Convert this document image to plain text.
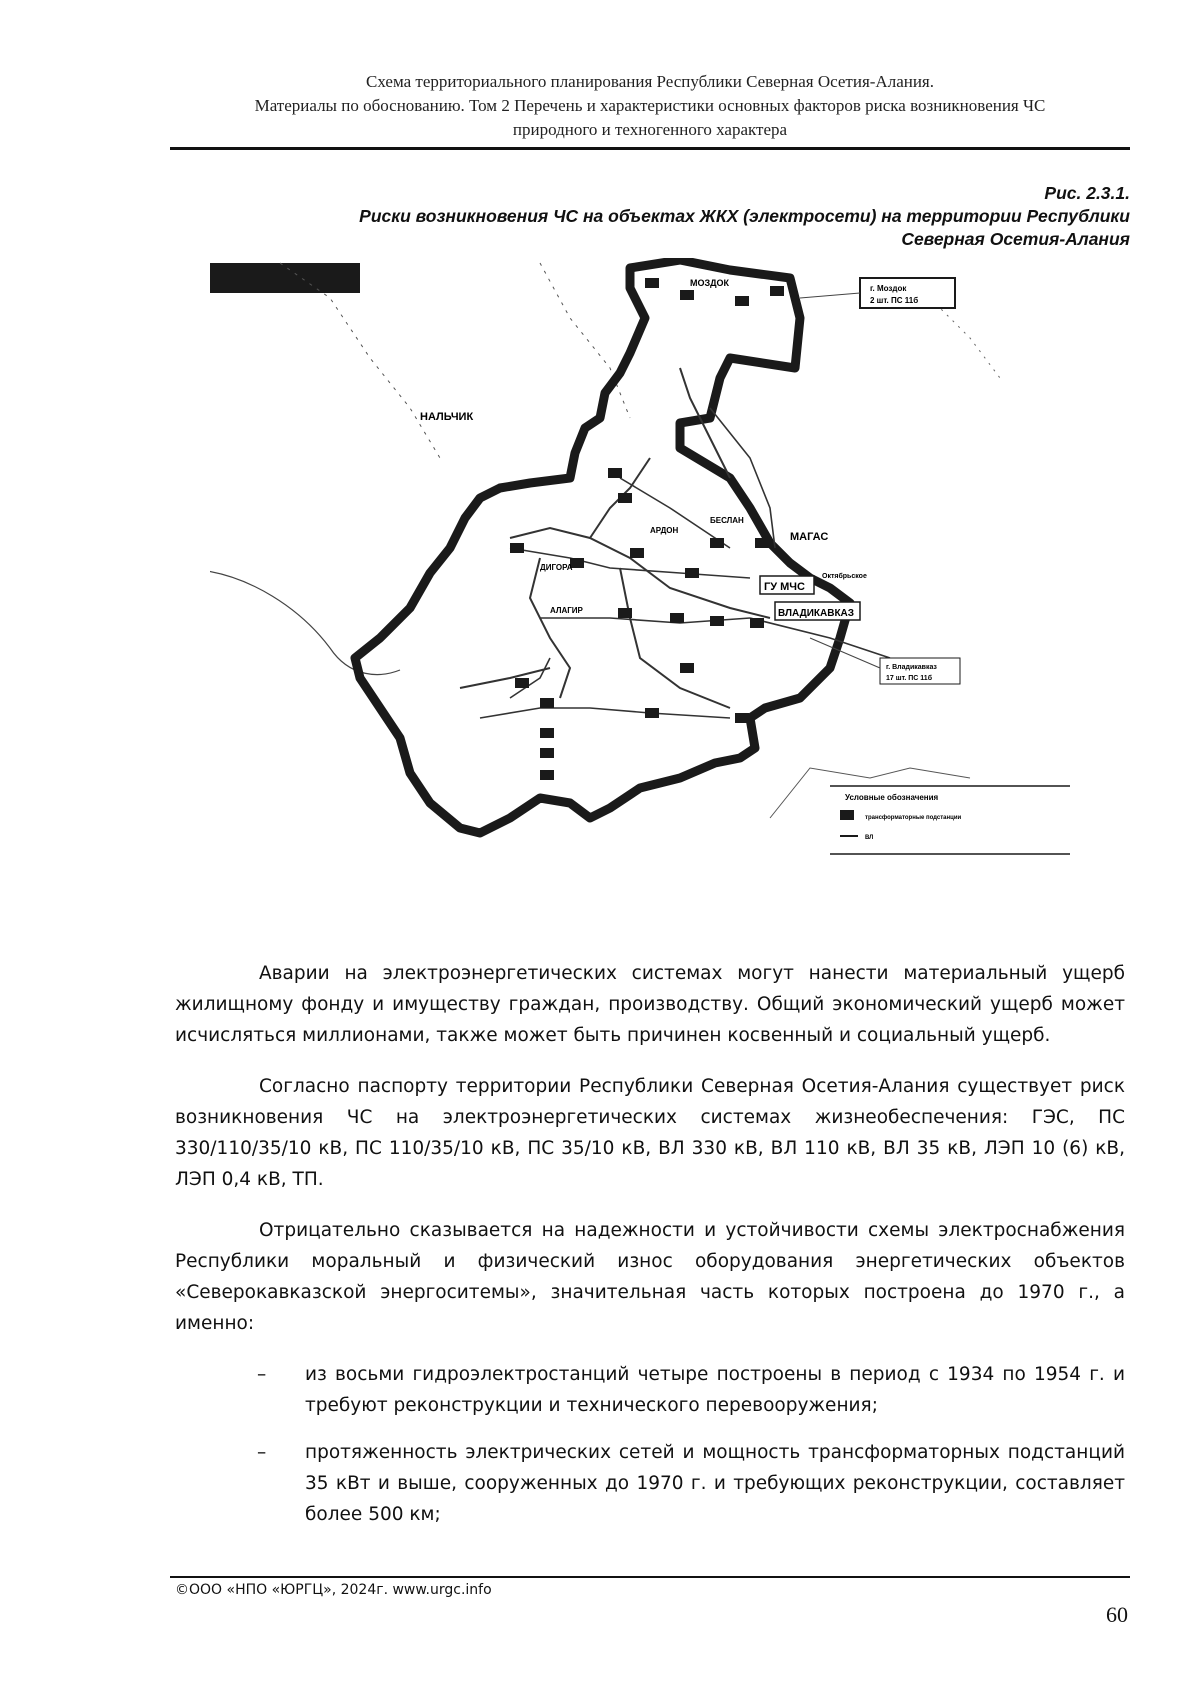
Схема территориального планирования Республики Северная Осетия-Алания.
Материалы по обоснованию. Том 2 Перечень и характеристики основных факторов риска возникновения ЧС
природного и техногенного характера
Рис. 2.3.1.
Риски возникновения ЧС на объектах ЖКХ (электросети) на территории Республики
Северная Осетия-Алания
НАЛЬЧИК
МОЗДОК
г. Моздок
2 шт. ПС 11б
МАГАС
БЕСЛАН
АРДОН
ДИГОРА
АЛАГИР
ГУ МЧС
Октябрьское
ВЛАДИКАВКАЗ
г. Владикавказ
17 шт. ПС 11б
Условные обозначения
трансформаторные подстанции
ВЛ

Аварии на электроэнергетических системах могут нанести материальный ущерб жилищному фонду и имуществу граждан, производству. Общий экономический ущерб может исчисляться миллионами, также может быть причинен косвенный и социальный ущерб.

Согласно паспорту территории Республики Северная Осетия-Алания существует риск возникновения ЧС на электроэнергетических системах жизнеобеспечения: ГЭС, ПС 330/110/35/10 кВ, ПС 110/35/10 кВ, ПС 35/10 кВ, ВЛ 330 кВ, ВЛ 110 кВ, ВЛ 35 кВ, ЛЭП 10 (6) кВ, ЛЭП 0,4 кВ, ТП.

Отрицательно сказывается на надежности и устойчивости схемы электроснабжения Республики моральный и физический износ оборудования энергетических объектов «Северокавказской энергоситемы», значительная часть которых построена до 1970 г., а именно:

– из восьми гидроэлектростанций четыре построены в период с 1934 по 1954 г. и требуют реконструкции и технического перевооружения;
– протяженность электрических сетей и мощность трансформаторных подстанций 35 кВт и выше, сооруженных до 1970 г. и требующих реконструкции, составляет более 500 км;
©ООО «НПО «ЮРГЦ», 2024г. www.urgc.info
60
